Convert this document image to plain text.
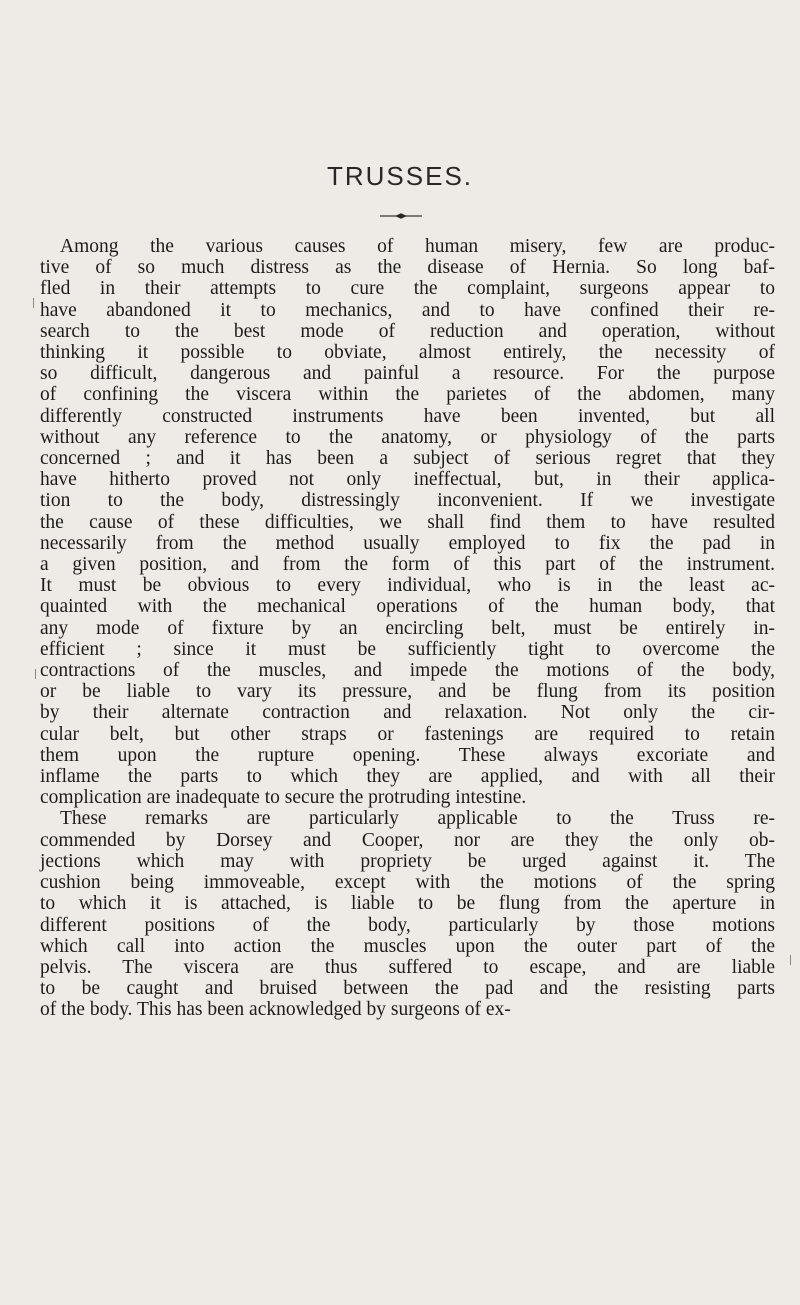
TRUSSES.
Among the various causes of human misery, few are produc-
tive of so much distress as the disease of Hernia. So long baf-
fled in their attempts to cure the complaint, surgeons appear to
have abandoned it to mechanics, and to have confined their re-
search to the best mode of reduction and operation, without
thinking it possible to obviate, almost entirely, the necessity of
so difficult, dangerous and painful a resource. For the purpose
of confining the viscera within the parietes of the abdomen, many
differently constructed instruments have been invented, but all
without any reference to the anatomy, or physiology of the parts
concerned ; and it has been a subject of serious regret that they
have hitherto proved not only ineffectual, but, in their applica-
tion to the body, distressingly inconvenient. If we investigate
the cause of these difficulties, we shall find them to have resulted
necessarily from the method usually employed to fix the pad in
a given position, and from the form of this part of the instrument.
It must be obvious to every individual, who is in the least ac-
quainted with the mechanical operations of the human body, that
any mode of fixture by an encircling belt, must be entirely in-
efficient ; since it must be sufficiently tight to overcome the
contractions of the muscles, and impede the motions of the body,
or be liable to vary its pressure, and be flung from its position
by their alternate contraction and relaxation. Not only the cir-
cular belt, but other straps or fastenings are required to retain
them upon the rupture opening. These always excoriate and
inflame the parts to which they are applied, and with all their
complication are inadequate to secure the protruding intestine.
These remarks are particularly applicable to the Truss re-
commended by Dorsey and Cooper, nor are they the only ob-
jections which may with propriety be urged against it. The
cushion being immoveable, except with the motions of the spring
to which it is attached, is liable to be flung from the aperture in
different positions of the body, particularly by those motions
which call into action the muscles upon the outer part of the
pelvis. The viscera are thus suffered to escape, and are liable
to be caught and bruised between the pad and the resisting parts
of the body. This has been acknowledged by surgeons of ex-
